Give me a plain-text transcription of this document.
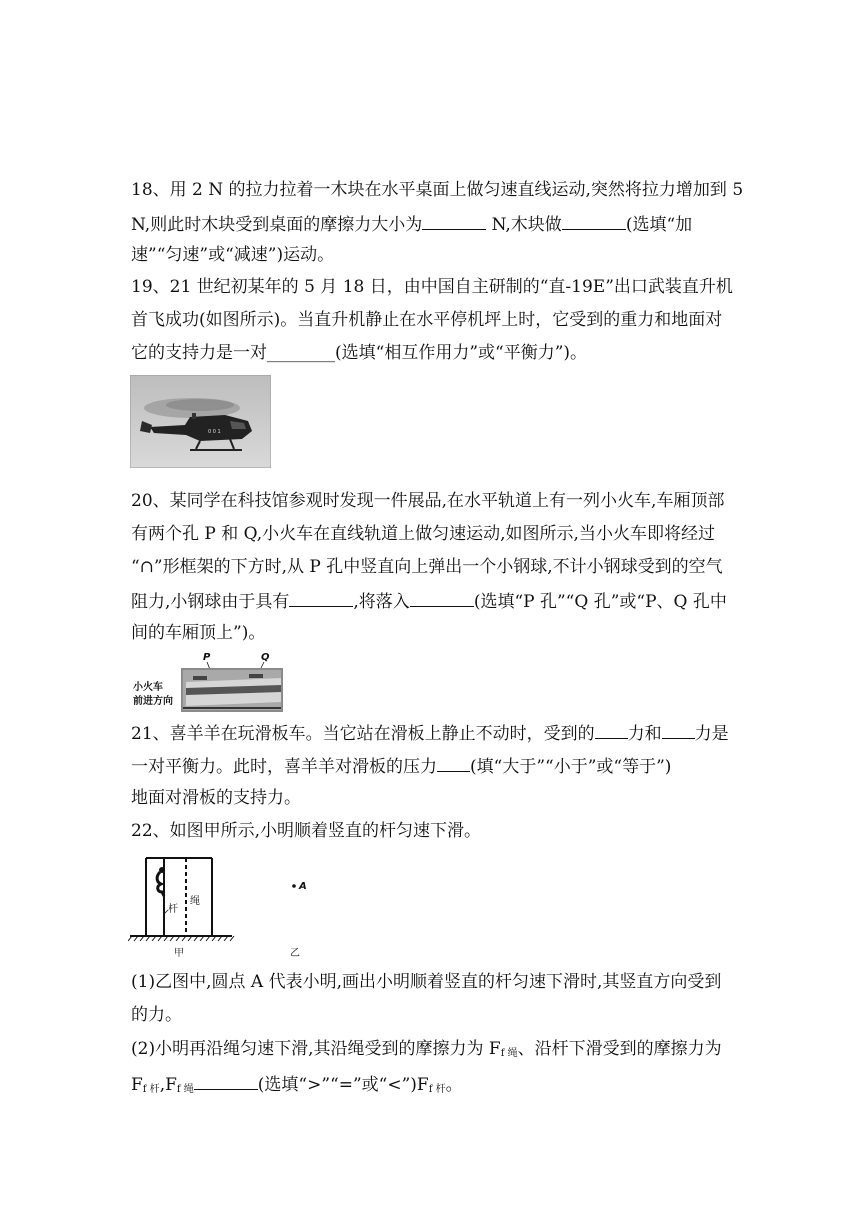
18、用 2 N 的拉力拉着一木块在水平桌面上做匀速直线运动,突然将拉力增加到 5
N,则此时木块受到桌面的摩擦力大小为	N,木块做	(选填“加
速”“匀速”或“减速”)运动。
19、21 世纪初某年的 5 月 18 日，由中国自主研制的“直-19E”出口武装直升机
首飞成功(如图所示)。当直升机静止在水平停机坪上时，它受到的重力和地面对
它的支持力是一对________(选填“相互作用力”或“平衡力”)。
0 0 1
20、某同学在科技馆参观时发现一件展品,在水平轨道上有一列小火车,车厢顶部
有两个孔 P 和 Q,小火车在直线轨道上做匀速运动,如图所示,当小火车即将经过
“∩”形框架的下方时,从 P 孔中竖直向上弹出一个小钢球,不计小钢球受到的空气
阻力,小钢球由于具有	,将落入	(选填“P 孔”“Q 孔”或“P、Q 孔中
间的车厢顶上”)。
小火车
前进方向
P	Q
21、喜羊羊在玩滑板车。当它站在滑板上静止不动时，受到的 力和 力是
一对平衡力。此时，喜羊羊对滑板的压力 (填“大于”“小于”或“等于”)
地面对滑板的支持力。
22、如图甲所示,小明顺着竖直的杆匀速下滑。
杆
绳
甲
A
乙
(1)乙图中,圆点 A 代表小明,画出小明顺着竖直的杆匀速下滑时,其竖直方向受到
的力。
(2)小明再沿绳匀速下滑,其沿绳受到的摩擦力为 $F_{f 绳}$、沿杆下滑受到的摩擦力为
$F_{f 杆},F_{f 绳}$	(选填“>”“=”或“$<”)F_{f 杆}$。
